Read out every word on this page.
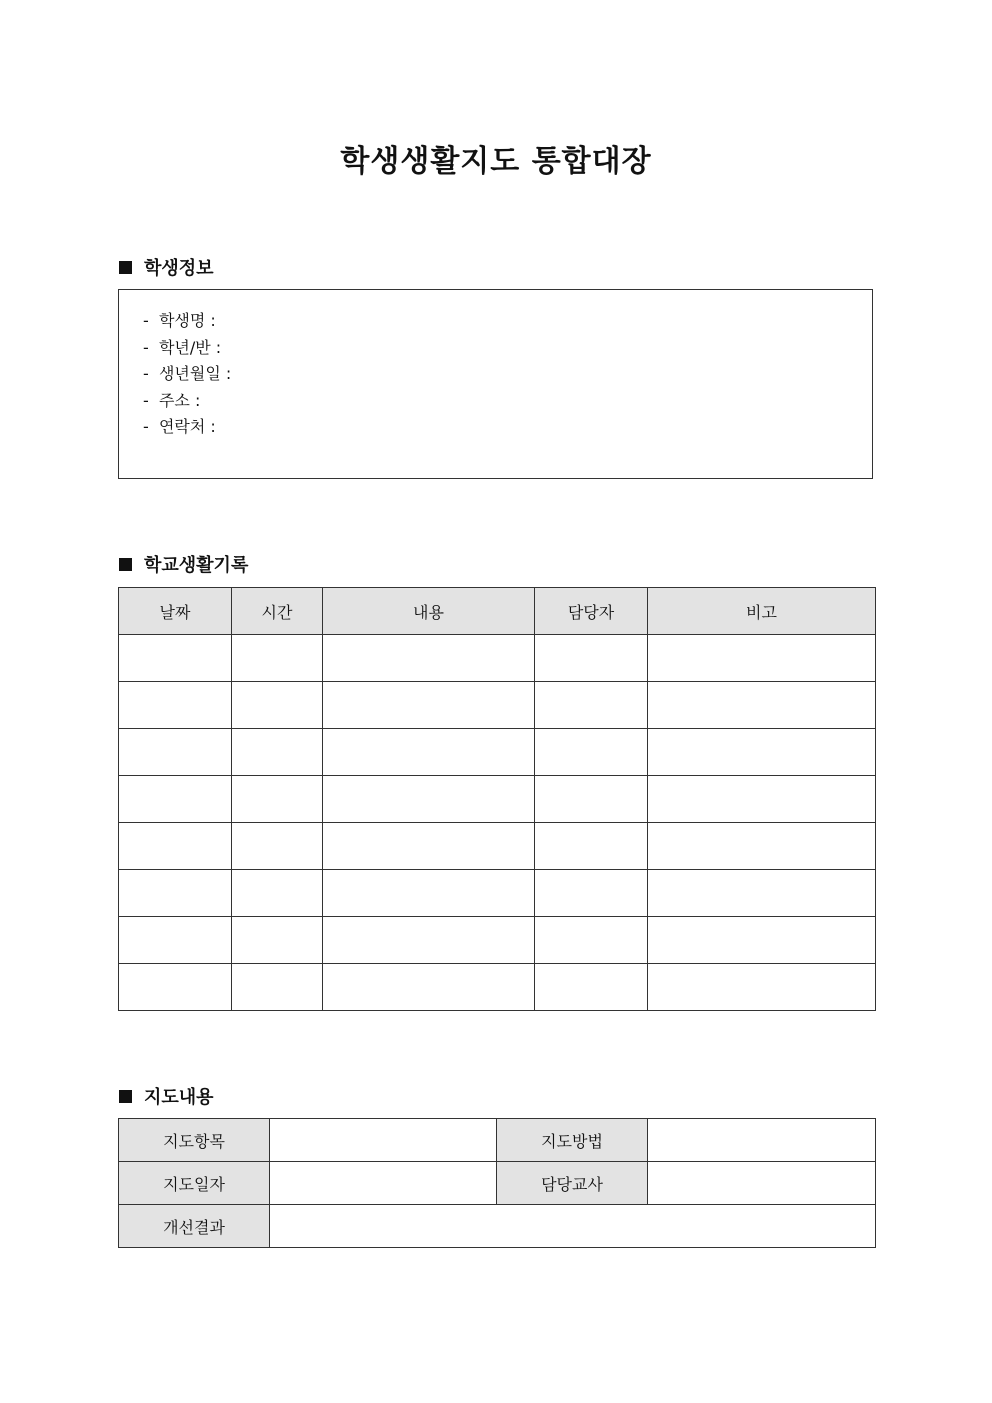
학생생활지도 통합대장
학생정보

-  학생명 :

-  학년/반 :

-  생년월일 :

-  주소 :

-  연락처 :

학교생활기록
날짜	시간	내용	담당자	비고

지도내용
지도항목		지도방법	
지도일자		담당교사	
개선결과			
